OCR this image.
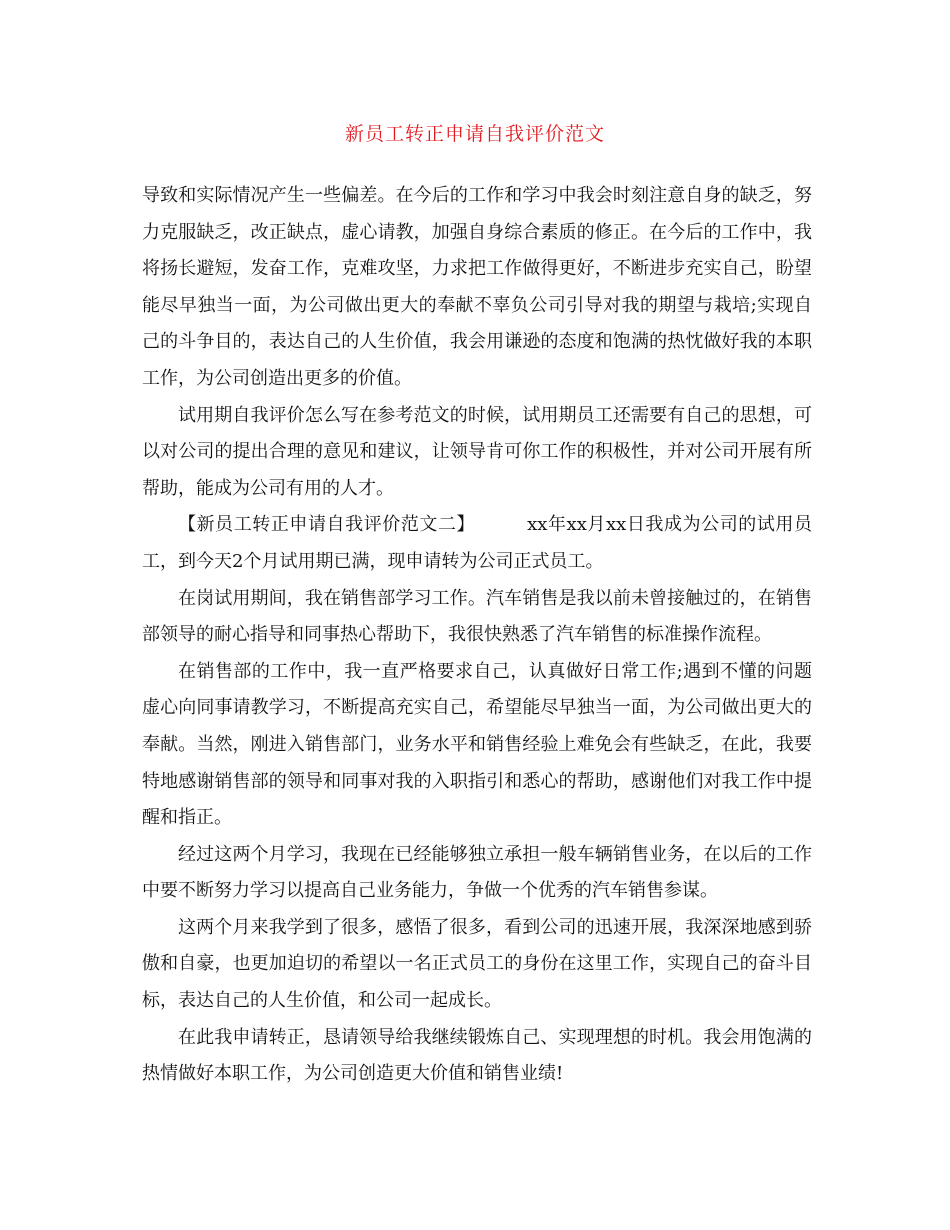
新员工转正申请自我评价范文

导致和实际情况产生一些偏差。在今后的工作和学习中我会时刻注意自身的缺乏，努力克服缺乏，改正缺点，虚心请教，加强自身综合素质的修正。在今后的工作中，我将扬长避短，发奋工作，克难攻坚，力求把工作做得更好，不断进步充实自己，盼望能尽早独当一面，为公司做出更大的奉献不辜负公司引导对我的期望与栽培;实现自己的斗争目的，表达自己的人生价值，我会用谦逊的态度和饱满的热忱做好我的本职工作，为公司创造出更多的价值。

试用期自我评价怎么写在参考范文的时候，试用期员工还需要有自己的思想，可以对公司的提出合理的意见和建议，让领导肯可你工作的积极性，并对公司开展有所帮助，能成为公司有用的人才。

【新员工转正申请自我评价范文二】	xx年xx月xx日我成为公司的试用员工，到今天2个月试用期已满，现申请转为公司正式员工。

在岗试用期间，我在销售部学习工作。汽车销售是我以前未曾接触过的，在销售部领导的耐心指导和同事热心帮助下，我很快熟悉了汽车销售的标准操作流程。

在销售部的工作中，我一直严格要求自己，认真做好日常工作;遇到不懂的问题虚心向同事请教学习，不断提高充实自己，希望能尽早独当一面，为公司做出更大的奉献。当然，刚进入销售部门，业务水平和销售经验上难免会有些缺乏，在此，我要特地感谢销售部的领导和同事对我的入职指引和悉心的帮助，感谢他们对我工作中提醒和指正。

经过这两个月学习，我现在已经能够独立承担一般车辆销售业务，在以后的工作中要不断努力学习以提高自己业务能力，争做一个优秀的汽车销售参谋。

这两个月来我学到了很多，感悟了很多，看到公司的迅速开展，我深深地感到骄傲和自豪，也更加迫切的希望以一名正式员工的身份在这里工作，实现自己的奋斗目标，表达自己的人生价值，和公司一起成长。

在此我申请转正，恳请领导给我继续锻炼自己、实现理想的时机。我会用饱满的热情做好本职工作，为公司创造更大价值和销售业绩!
